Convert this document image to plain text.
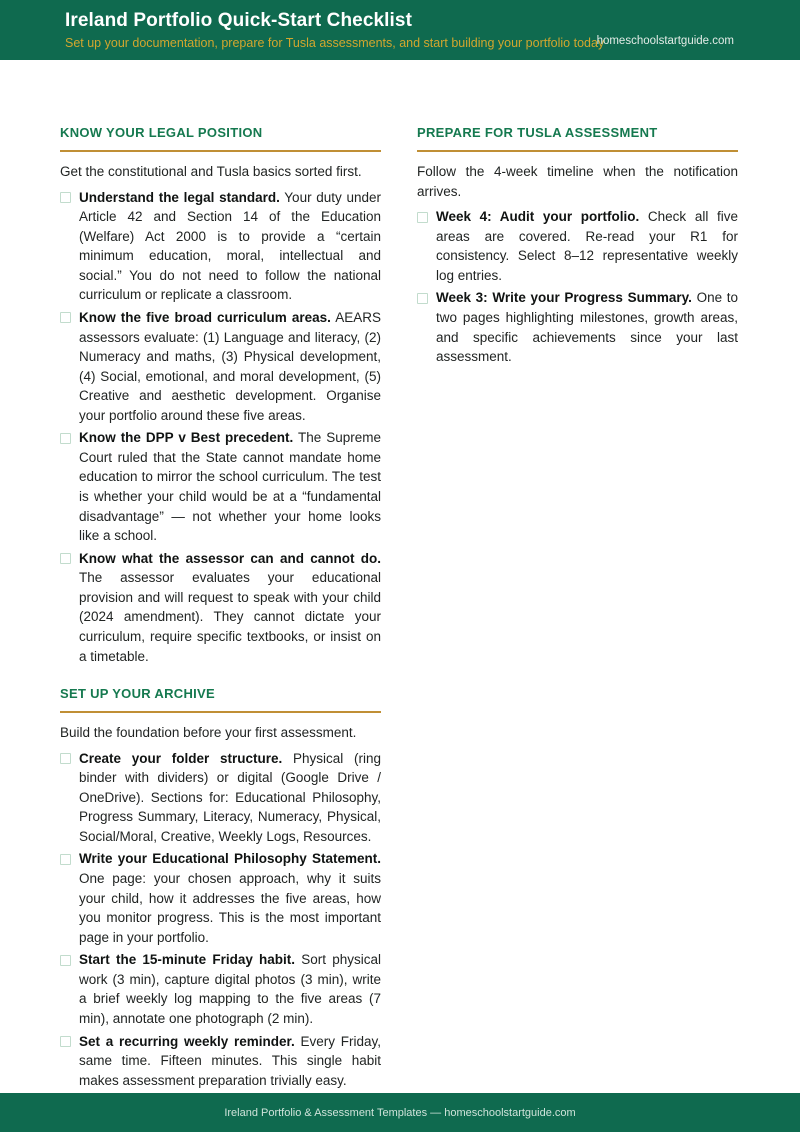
Ireland Portfolio Quick-Start Checklist

Set up your documentation, prepare for Tusla assessments, and start building your portfolio today

homeschoolstartguide.com
KNOW YOUR LEGAL POSITION

Get the constitutional and Tusla basics sorted first.

Understand the legal standard. Your duty under Article 42 and Section 14 of the Education (Welfare) Act 2000 is to provide a “certain minimum education, moral, intellectual and social.” You do not need to follow the national curriculum or replicate a classroom.
Know the five broad curriculum areas. AEARS assessors evaluate: (1) Language and literacy, (2) Numeracy and maths, (3) Physical development, (4) Social, emotional, and moral development, (5) Creative and aesthetic development. Organise your portfolio around these five areas.
Know the DPP v Best precedent. The Supreme Court ruled that the State cannot mandate home education to mirror the school curriculum. The test is whether your child would be at a “fundamental disadvantage” — not whether your home looks like a school.
Know what the assessor can and cannot do. The assessor evaluates your educational provision and will request to speak with your child (2024 amendment). They cannot dictate your curriculum, require specific textbooks, or insist on a timetable.
SET UP YOUR ARCHIVE

Build the foundation before your first assessment.

Create your folder structure. Physical (ring binder with dividers) or digital (Google Drive / OneDrive). Sections for: Educational Philosophy, Progress Summary, Literacy, Numeracy, Physical, Social/Moral, Creative, Weekly Logs, Resources.
Write your Educational Philosophy Statement. One page: your chosen approach, why it suits your child, how it addresses the five areas, how you monitor progress. This is the most important page in your portfolio.
Start the 15-minute Friday habit. Sort physical work (3 min), capture digital photos (3 min), write a brief weekly log mapping to the five areas (7 min), annotate one photograph (2 min).
Set a recurring weekly reminder. Every Friday, same time. Fifteen minutes. This single habit makes assessment preparation trivially easy.
PREPARE FOR TUSLA ASSESSMENT

Follow the 4-week timeline when the notification arrives.

Week 4: Audit your portfolio. Check all five areas are covered. Re-read your R1 for consistency. Select 8–12 representative weekly log entries.
Week 3: Write your Progress Summary. One to two pages highlighting milestones, growth areas, and specific achievements since your last assessment.
Ireland Portfolio & Assessment Templates — homeschoolstartguide.com
